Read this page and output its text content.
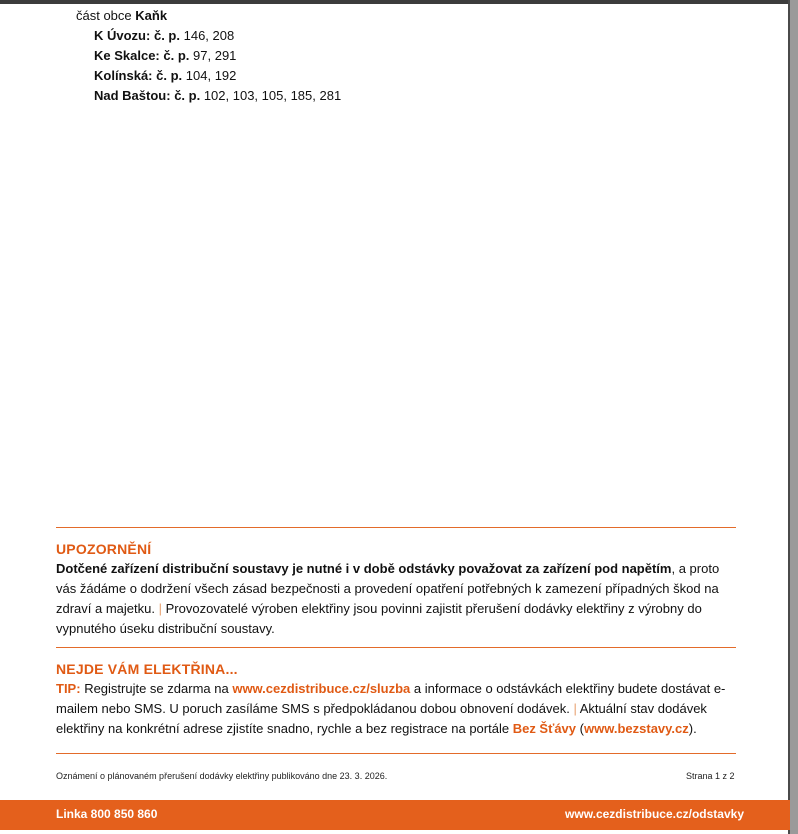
část obce Kaňk
K Úvozu: č. p. 146, 208
Ke Skalce: č. p. 97, 291
Kolínská: č. p. 104, 192
Nad Baštou: č. p. 102, 103, 105, 185, 281
UPOZORNĚNÍ
Dotčené zařízení distribuční soustavy je nutné i v době odstávky považovat za zařízení pod napětím, a proto vás žádáme o dodržení všech zásad bezpečnosti a provedení opatření potřebných k zamezení případných škod na zdraví a majetku. | Provozovatelé výroben elektřiny jsou povinni zajistit přerušení dodávky elektřiny z výrobny do vypnutého úseku distribuční soustavy.
NEJDE VÁM ELEKTŘINA...
TIP: Registrujte se zdarma na www.cezdistribuce.cz/sluzba a informace o odstávkách elektřiny budete dostávat e-mailem nebo SMS. U poruch zasíláme SMS s předpokládanou dobou obnovení dodávek. | Aktuální stav dodávek elektřiny na konkrétní adrese zjistíte snadno, rychle a bez registrace na portále Bez Šťávy (www.bezstavy.cz).
Oznámení o plánovaném přerušení dodávky elektřiny publikováno dne 23. 3. 2026.	Strana 1 z 2
Linka 800 850 860	www.cezdistribuce.cz/odstavky
